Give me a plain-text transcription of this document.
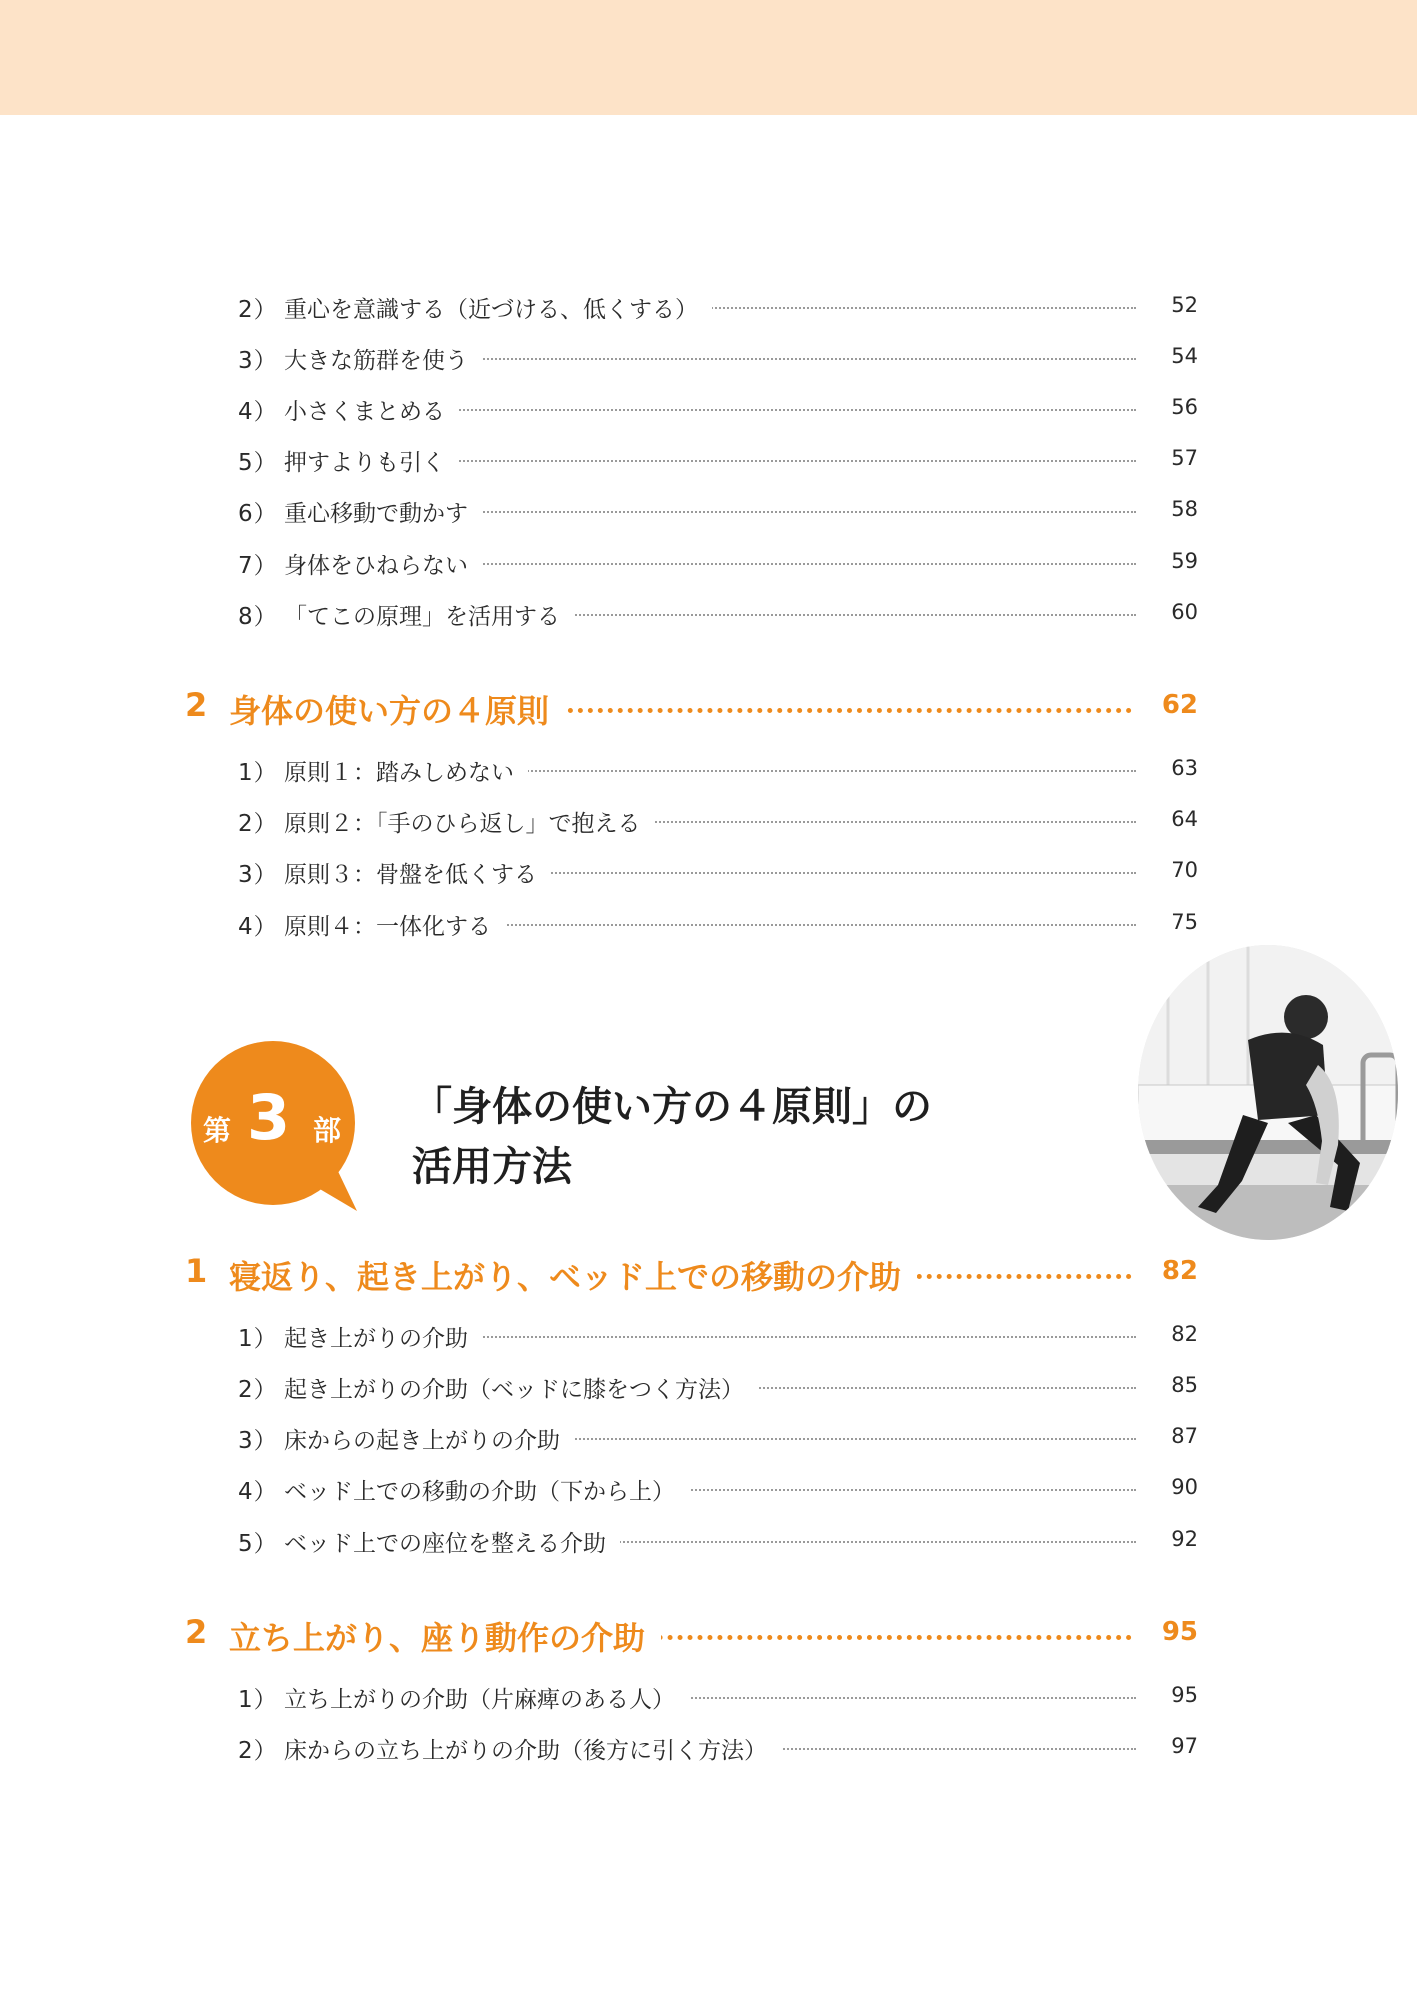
2） 重心を意識する（近づける、低くする）	52
3） 大きな筋群を使う	54
4） 小さくまとめる	56
5） 押すよりも引く	57
6） 重心移動で動かす	58
7） 身体をひねらない	59
8） 「てこの原理」を活用する	60
2 身体の使い方の４原則	62
1） 原則１：踏みしめない	63
2） 原則２：「手のひら返し」で抱える	64
3） 原則３：骨盤を低くする	70
4） 原則４：一体化する	75
第 3 部
「身体の使い方の４原則」の
活用方法
1 寝返り、起き上がり、ベッド上での移動の介助	82
1） 起き上がりの介助	82
2） 起き上がりの介助（ベッドに膝をつく方法）	85
3） 床からの起き上がりの介助	87
4） ベッド上での移動の介助（下から上）	90
5） ベッド上での座位を整える介助	92
2 立ち上がり、座り動作の介助	95
1） 立ち上がりの介助（片麻痺のある人）	95
2） 床からの立ち上がりの介助（後方に引く方法）	97
